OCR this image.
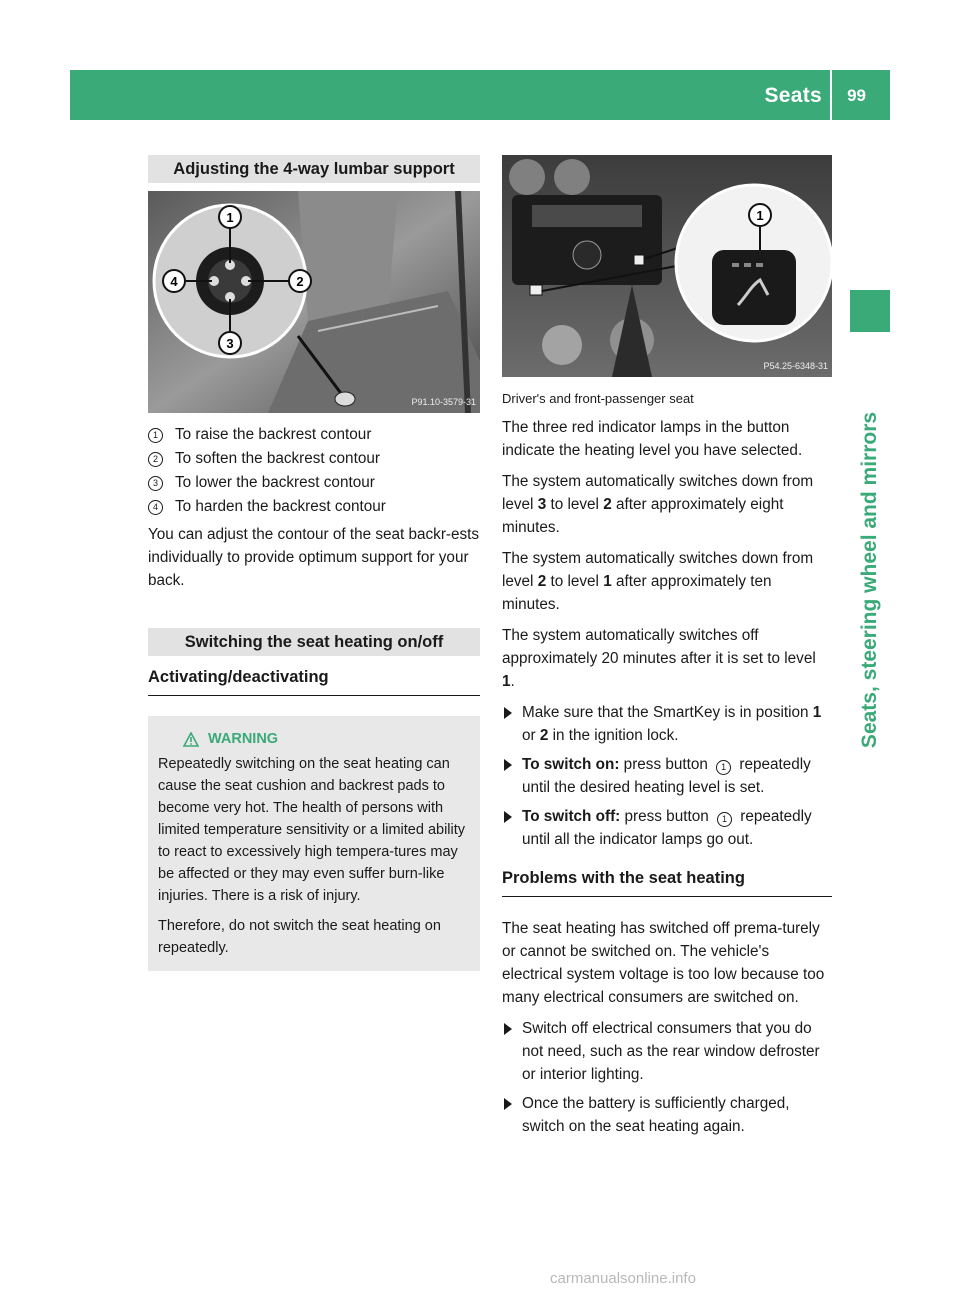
Seats 99
Seats, steering wheel and mirrors
Adjusting the 4-way lumbar support
1
2
3
4
P91.10-3579-31
1	To raise the backrest contour
2	To soften the backrest contour
3	To lower the backrest contour
4	To harden the backrest contour

You can adjust the contour of the seat backr-ests individually to provide optimum support for your back.

Switching the seat heating on/off
Activating/deactivating
WARNING

Repeatedly switching on the seat heating can cause the seat cushion and backrest pads to become very hot. The health of persons with limited temperature sensitivity or a limited ability to react to excessively high tempera-tures may be affected or they may even suffer burn-like injuries. There is a risk of injury.

Therefore, do not switch the seat heating on repeatedly.

1
P54.25-6348-31
Driver's and front-passenger seat

The three red indicator lamps in the button indicate the heating level you have selected.

The system automatically switches down from level 3 to level 2 after approximately eight minutes.

The system automatically switches down from level 2 to level 1 after approximately ten minutes.

The system automatically switches off approximately 20 minutes after it is set to level 1.

Make sure that the SmartKey is in position 1 or 2 in the ignition lock.
To switch on: press button 1 repeatedly until the desired heating level is set.
To switch off: press button 1 repeatedly until all the indicator lamps go out.
Problems with the seat heating

The seat heating has switched off prema-turely or cannot be switched on. The vehicle's electrical system voltage is too low because too many electrical consumers are switched on.

Switch off electrical consumers that you do not need, such as the rear window defroster or interior lighting.
Once the battery is sufficiently charged, switch on the seat heating again.
carmanualsonline.info
